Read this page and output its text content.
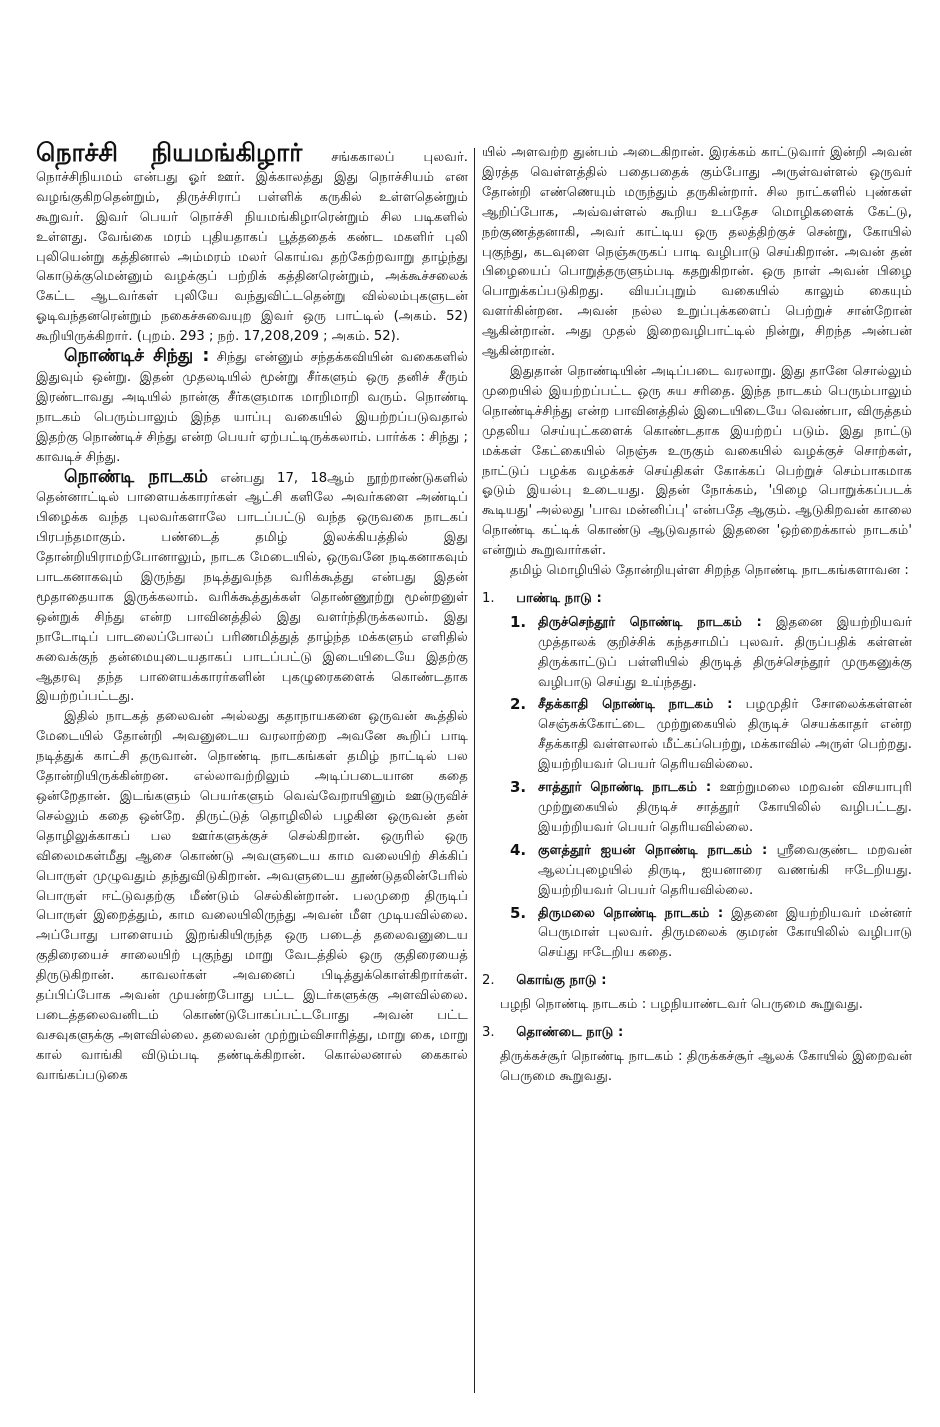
நொச்சி நியமங்கிழார் சங்ககாலப் புலவர். நொச்சிநியமம் என்பது ஓர் ஊர். இக்காலத்து இது நொச்சியம் என வழங்குகிறதென்றும், திருச்சிராப் பள்ளிக் கருகில் உள்ளதென்றும் கூறுவர். இவர் பெயர் நொச்சி நியமங்கிழாரென்றும் சில படிகளில் உள்ளது. வேங்கை மரம் புதியதாகப் பூத்ததைக் கண்ட மகளிர் புலி புலியென்று கத்தினால் அம்மரம் மலர் கொய்வ தற்கேற்றவாறு தாழ்ந்து கொடுக்குமென்னும் வழக்குப் பற்றிக் கத்தினரென்றும், அக்கூச்சலைக் கேட்ட ஆடவர்கள் புலியே வந்துவிட்டதென்று வில்லம்புகளுடன் ஓடிவந்தனரென்றும் நகைச்சுவையுற இவர் ஒரு பாட்டில் (அகம். 52) கூறியிருக்கிறார். (புறம். 293 ; நற். 17,208,209 ; அகம். 52).

நொண்டிச் சிந்து : சிந்து என்னும் சந்தக்கவியின் வகைகளில் இதுவும் ஒன்று. இதன் முதலடியில் மூன்று சீர்களும் ஒரு தனிச் சீரும் இரண்டாவது அடியில் நான்கு சீர்களுமாக மாறிமாறி வரும். நொண்டி நாடகம் பெரும்பாலும் இந்த யாப்பு வகையில் இயற்றப்படுவதால் இதற்கு நொண்டிச் சிந்து என்ற பெயர் ஏற்பட்டிருக்கலாம். பார்க்க : சிந்து ; காவடிச் சிந்து.

நொண்டி நாடகம் என்பது 17, 18ஆம் நூற்றாண்டுகளில் தென்னாட்டில் பாளையக்காரர்கள் ஆட்சி களிலே அவர்களை அண்டிப் பிழைக்க வந்த புலவர்களாலே பாடப்பட்டு வந்த ஒருவகை நாடகப் பிரபந்தமாகும். பண்டைத் தமிழ் இலக்கியத்தில் இது தோன்றியிராமற்போனாலும், நாடக மேடையில், ஒருவனே நடிகனாகவும் பாடகனாகவும் இருந்து நடித்துவந்த வரிக்கூத்து என்பது இதன் மூதாதையாக இருக்கலாம். வரிக்கூத்துக்கள் தொண்ணூற்று மூன்றனுள் ஒன்றுக் சிந்து என்ற பாவினத்தில் இது வளர்ந்திருக்கலாம். இது நாடோடிப் பாடலைப்போலப் பரிணமித்துத் தாழ்ந்த மக்களும் எளிதில் சுவைக்குந் தன்மையுடையதாகப் பாடப்பட்டு இடையிடையே இதற்கு ஆதரவு தந்த பாளையக்காரர்களின் புகழுரைகளைக் கொண்டதாக இயற்றப்பட்டது.

இதில் நாடகத் தலைவன் அல்லது கதாநாயகனை ஒருவன் கூத்தில் மேடையில் தோன்றி அவனுடைய வரலாற்றை அவனே கூறிப் பாடி நடித்துக் காட்சி தருவான். நொண்டி நாடகங்கள் தமிழ் நாட்டில் பல தோன்றியிருக்கின்றன. எல்லாவற்றிலும் அடிப்படையான கதை ஒன்றேதான். இடங்களும் பெயர்களும் வெவ்வேறாயினும் ஊடுருவிச் செல்லும் கதை ஒன்றே. திருட்டுத் தொழிலில் பழகின ஒருவன் தன் தொழிலுக்காகப் பல ஊர்களுக்குச் செல்கிறான். ஒருரில் ஒரு விலைமகள்மீது ஆசை கொண்டு அவளுடைய காம வலையிற் சிக்கிப் பொருள் முழுவதும் தந்துவிடுகிறான். அவளுடைய தூண்டுதலின்பேரில் பொருள் ஈட்டுவதற்கு மீண்டும் செல்கின்றான். பலமுறை திருடிப் பொருள் இறைத்தும், காம வலையிலிருந்து அவன் மீள முடியவில்லை. அப்போது பாளையம் இறங்கியிருந்த ஒரு படைத் தலைவனுடைய குதிரையைச் சாலையிற் புகுந்து மாறு வேடத்தில் ஒரு குதிரையைத் திருடுகிறான். காவலர்கள் அவனைப் பிடித்துக்கொள்கிறார்கள். தப்பிப்போக அவன் முயன்றபோது பட்ட இடர்களுக்கு அளவில்லை. படைத்தலைவனிடம் கொண்டுபோகப்பட்டபோது அவன் பட்ட வசவுகளுக்கு அளவில்லை. தலைவன் முற்றும்விசாரித்து, மாறு கை, மாறு கால் வாங்கி விடும்படி தண்டிக்கிறான். கொல்லனால் கைகால் வாங்கப்படுகை

யில் அளவற்ற துன்பம் அடைகிறான். இரக்கம் காட்டுவார் இன்றி அவன் இரத்த வெள்ளத்தில் பதைபதைக் கும்போது அருள்வள்ளல் ஒருவர் தோன்றி எண்ணெயும் மருந்தும் தருகின்றார். சில நாட்களில் புண்கள் ஆறிப்போக, அவ்வள்ளல் கூறிய உபதேச மொழிகளைக் கேட்டு, நற்குணத்தனாகி, அவர் காட்டிய ஒரு தலத்திற்குச் சென்று, கோயில் புகுந்து, கடவுளை நெஞ்சுருகப் பாடி வழிபாடு செய்கிறான். அவன் தன் பிழையைப் பொறுத்தருளும்படி கதறுகிறான். ஒரு நாள் அவன் பிழை பொறுக்கப்படுகிறது. வியப்புறும் வகையில் காலும் கையும் வளர்கின்றன. அவன் நல்ல உறுப்புக்களைப் பெற்றுச் சான்றோன் ஆகின்றான். அது முதல் இறைவழிபாட்டில் நின்று, சிறந்த அன்பன் ஆகின்றான்.

இதுதான் நொண்டியின் அடிப்படை வரலாறு. இது தானே சொல்லும் முறையில் இயற்றப்பட்ட ஒரு சுய சரிதை. இந்த நாடகம் பெரும்பாலும் நொண்டிச்சிந்து என்ற பாவினத்தில் இடையிடையே வெண்பா, விருத்தம் முதலிய செய்யுட்களைக் கொண்டதாக இயற்றப் படும். இது நாட்டு மக்கள் கேட்கையில் நெஞ்சு உருகும் வகையில் வழக்குச் சொற்கள், நாட்டுப் பழக்க வழக்கச் செய்திகள் கோக்கப் பெற்றுச் செம்பாகமாக ஓடும் இயல்பு உடையது. இதன் நோக்கம், 'பிழை பொறுக்கப்படக் கூடியது' அல்லது 'பாவ மன்னிப்பு' என்பதே ஆகும். ஆடுகிறவன் காலை நொண்டி கட்டிக் கொண்டு ஆடுவதால் இதனை 'ஒற்றைக்கால் நாடகம்' என்றும் கூறுவார்கள்.

தமிழ் மொழியில் தோன்றியுள்ள சிறந்த நொண்டி நாடகங்களாவன :

1. பாண்டி நாடு :
1. திருச்செந்தூர் நொண்டி நாடகம் : இதனை இயற்றியவர் முத்தாலக் குறிச்சிக் கந்தசாமிப் புலவர். திருப்பதிக் கள்ளன் திருக்காட்டுப் பள்ளியில் திருடித் திருச்செந்தூர் முருகனுக்கு வழிபாடு செய்து உய்ந்தது.
2. சீதக்காதி நொண்டி நாடகம் : பழமுதிர் சோலைக்கள்ளன் செஞ்சுக்கோட்டை முற்றுகையில் திருடிச் செயக்காதர் என்ற சீதக்காதி வள்ளலால் மீட்கப்பெற்று, மக்காவில் அருள் பெற்றது. இயற்றியவர் பெயர் தெரியவில்லை.
3. சாத்தூர் நொண்டி நாடகம் : ஊற்றுமலை மறவன் விசயாபுரி முற்றுகையில் திருடிச் சாத்தூர் கோயிலில் வழிபட்டது. இயற்றியவர் பெயர் தெரியவில்லை.
4. குளத்தூர் ஐயன் நொண்டி நாடகம் : ஸ்ரீவைகுண்ட மறவன் ஆலப்புழையில் திருடி, ஐயனாரை வணங்கி ஈடேறியது. இயற்றியவர் பெயர் தெரியவில்லை.
5. திருமலை நொண்டி நாடகம் : இதனை இயற்றியவர் மன்னர் பெருமாள் புலவர். திருமலைக் குமரன் கோயிலில் வழிபாடு செய்து ஈடேறிய கதை.
2. கொங்கு நாடு :

பழநி நொண்டி நாடகம் : பழநியாண்டவர் பெருமை கூறுவது.

3. தொண்டை நாடு :

திருக்கச்சூர் நொண்டி நாடகம் : திருக்கச்சூர் ஆலக் கோயில் இறைவன் பெருமை கூறுவது.
